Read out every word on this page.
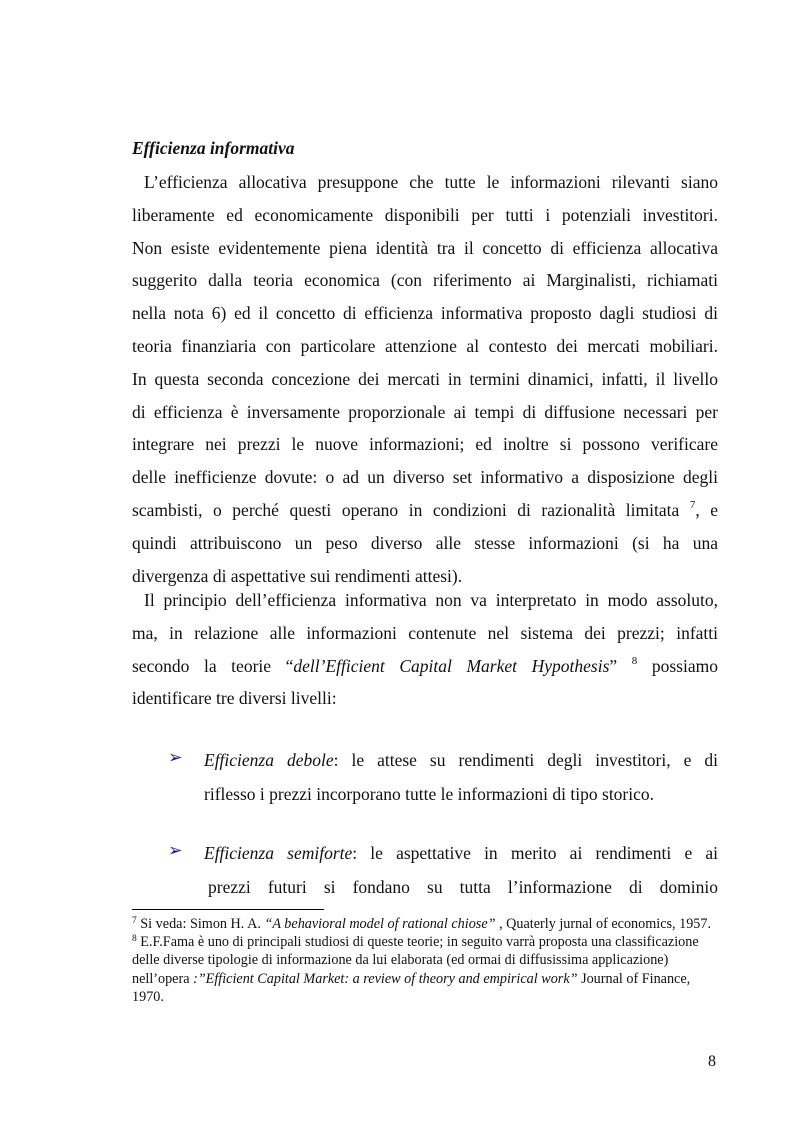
Efficienza informativa
L’efficienza allocativa presuppone che tutte le informazioni rilevanti siano
liberamente ed economicamente disponibili per tutti i potenziali investitori.
Non esiste evidentemente piena identità tra il concetto di efficienza allocativa
suggerito dalla teoria economica (con riferimento ai Marginalisti, richiamati
nella nota 6) ed il concetto di efficienza informativa proposto dagli studiosi di
teoria finanziaria con particolare attenzione al contesto dei mercati mobiliari.
In questa seconda concezione dei mercati in termini dinamici, infatti, il livello
di efficienza è inversamente proporzionale ai tempi di diffusione necessari per
integrare nei prezzi le nuove informazioni; ed inoltre si possono verificare
delle inefficienze dovute: o ad un diverso set informativo a disposizione degli
scambisti, o perché questi operano in condizioni di razionalità limitata $^7$, e
quindi attribuiscono un peso diverso alle stesse informazioni (si ha una
divergenza di aspettative sui rendimenti attesi).
Il principio dell’efficienza informativa non va interpretato in modo assoluto,
ma, in relazione alle informazioni contenute nel sistema dei prezzi; infatti
secondo la teorie “dell’Efficient Capital Market Hypothesis” $^8$ possiamo
identificare tre diversi livelli:
➢ Efficienza debole: le attese su rendimenti degli investitori, e di
riflesso i prezzi incorporano tutte le informazioni di tipo storico.
➢ Efficienza semiforte: le aspettative in merito ai rendimenti e ai
prezzi futuri si fondano su tutta l’informazione di dominio

$^7$ Si veda: Simon H. A. “A behavioral model of rational chiose” , Quaterly jurnal of economics, 1957.

$^8$ E.F.Fama è uno di principali studiosi di queste teorie; in seguito varrà proposta una classificazione delle diverse tipologie di informazione da lui elaborata (ed ormai di diffusissima applicazione) nell’opera :”Efficient Capital Market: a review of theory and empirical work” Journal of Finance, 1970.

8
